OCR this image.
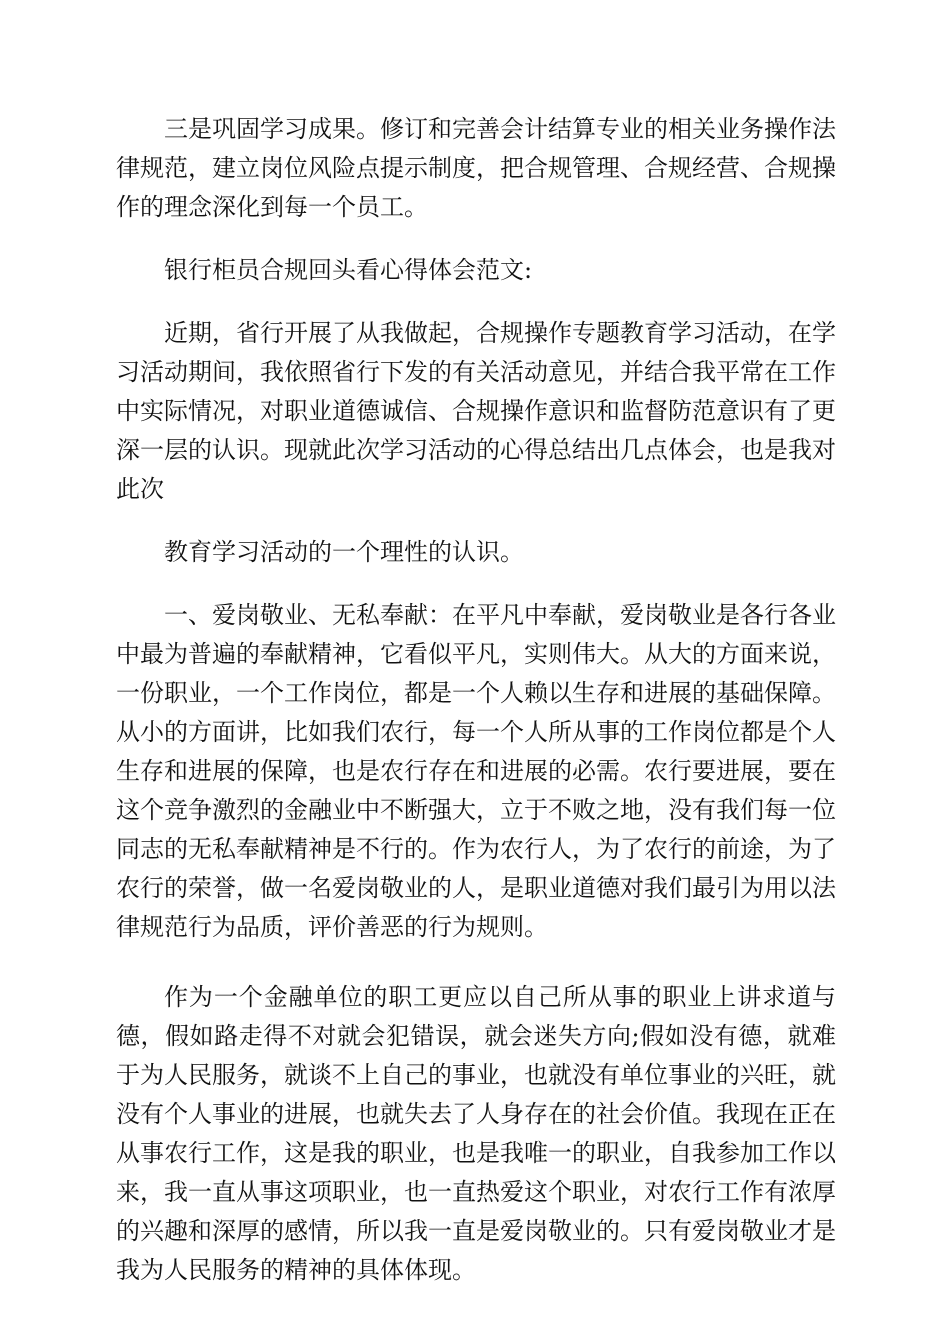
三是巩固学习成果。修订和完善会计结算专业的相关业务操作法律规范，建立岗位风险点提示制度，把合规管理、合规经营、合规操作的理念深化到每一个员工。

银行柜员合规回头看心得体会范文:

近期，省行开展了从我做起，合规操作专题教育学习活动，在学习活动期间，我依照省行下发的有关活动意见，并结合我平常在工作中实际情况，对职业道德诚信、合规操作意识和监督防范意识有了更深一层的认识。现就此次学习活动的心得总结出几点体会，也是我对此次

教育学习活动的一个理性的认识。

一、爱岗敬业、无私奉献：在平凡中奉献，爱岗敬业是各行各业中最为普遍的奉献精神，它看似平凡，实则伟大。从大的方面来说，一份职业，一个工作岗位，都是一个人赖以生存和进展的基础保障。从小的方面讲，比如我们农行，每一个人所从事的工作岗位都是个人生存和进展的保障，也是农行存在和进展的必需。农行要进展，要在这个竞争激烈的金融业中不断强大，立于不败之地，没有我们每一位同志的无私奉献精神是不行的。作为农行人，为了农行的前途，为了农行的荣誉，做一名爱岗敬业的人，是职业道德对我们最引为用以法律规范行为品质，评价善恶的行为规则。

作为一个金融单位的职工更应以自己所从事的职业上讲求道与德，假如路走得不对就会犯错误，就会迷失方向;假如没有德，就难于为人民服务，就谈不上自己的事业，也就没有单位事业的兴旺，就没有个人事业的进展，也就失去了人身存在的社会价值。我现在正在从事农行工作，这是我的职业，也是我唯一的职业，自我参加工作以来，我一直从事这项职业，也一直热爱这个职业，对农行工作有浓厚的兴趣和深厚的感情，所以我一直是爱岗敬业的。只有爱岗敬业才是我为人民服务的精神的具体体现。
